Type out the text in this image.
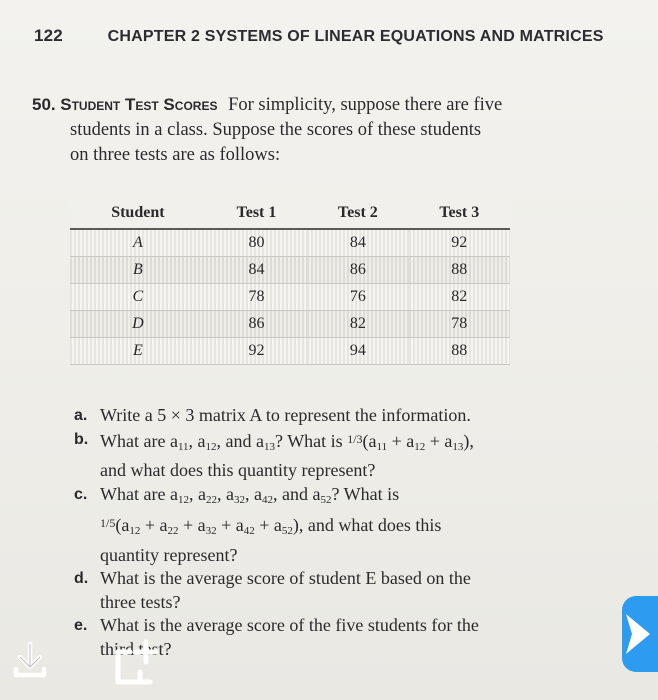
122	CHAPTER 2 SYSTEMS OF LINEAR EQUATIONS AND MATRICES
50. Student Test Scores For simplicity, suppose there are five
students in a class. Suppose the scores of these students
on three tests are as follows:
Student	Test 1	Test 2	Test 3
A	80	84	92
B	84	86	88
C	78	76	82
D	86	82	78
E	92	94	88

a. Write a 5 × 3 matrix A to represent the information.

b. What are $a_{11}$, $a_{12}$, and $a_{13}$? What is $^{1/3}(a_{11} + a_{12} + a_{13})$,
and what does this quantity represent?

c. What are $a_{12}$, $a_{22}$, $a_{32}$, $a_{42}$, and $a_{52}$? What is
$^{1/5}(a_{12} + a_{22} + a_{32} + a_{42} + a_{52})$, and what does this
quantity represent?

d. What is the average score of student E based on the
three tests?

e. What is the average score of the five students for the
third test?
